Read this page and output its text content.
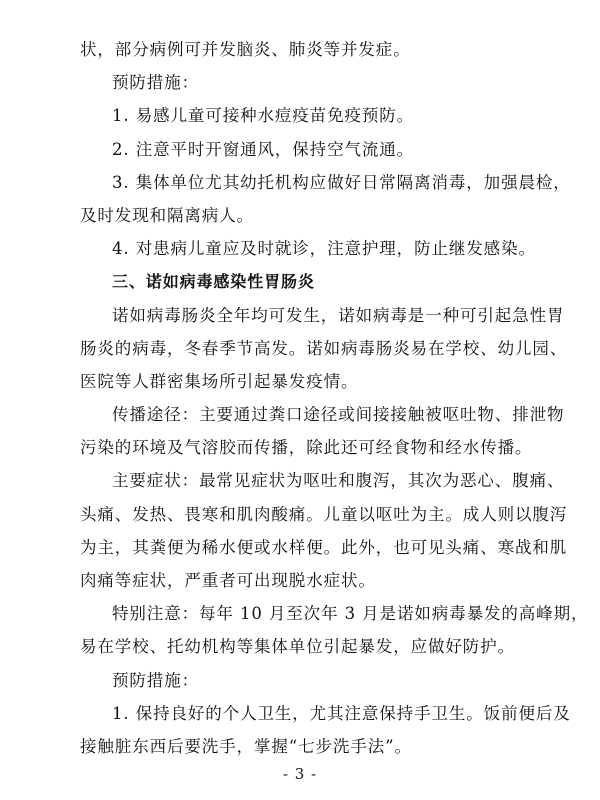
状，部分病例可并发脑炎、肺炎等并发症。
预防措施：
1. 易感儿童可接种水痘疫苗免疫预防。
2. 注意平时开窗通风，保持空气流通。
3. 集体单位尤其幼托机构应做好日常隔离消毒，加强晨检，
及时发现和隔离病人。
4. 对患病儿童应及时就诊，注意护理，防止继发感染。
三、诺如病毒感染性胃肠炎
诺如病毒肠炎全年均可发生，诺如病毒是一种可引起急性胃
肠炎的病毒，冬春季节高发。诺如病毒肠炎易在学校、幼儿园、
医院等人群密集场所引起暴发疫情。
传播途径：主要通过粪口途径或间接接触被呕吐物、排泄物
污染的环境及气溶胶而传播，除此还可经食物和经水传播。
主要症状：最常见症状为呕吐和腹泻，其次为恶心、腹痛、
头痛、发热、畏寒和肌肉酸痛。儿童以呕吐为主。成人则以腹泻
为主，其粪便为稀水便或水样便。此外，也可见头痛、寒战和肌
肉痛等症状，严重者可出现脱水症状。
特别注意：每年 10 月至次年 3 月是诺如病毒暴发的高峰期，
易在学校、托幼机构等集体单位引起暴发，应做好防护。
预防措施：
1. 保持良好的个人卫生，尤其注意保持手卫生。饭前便后及
接触脏东西后要洗手，掌握“七步洗手法”。
- 3 -
